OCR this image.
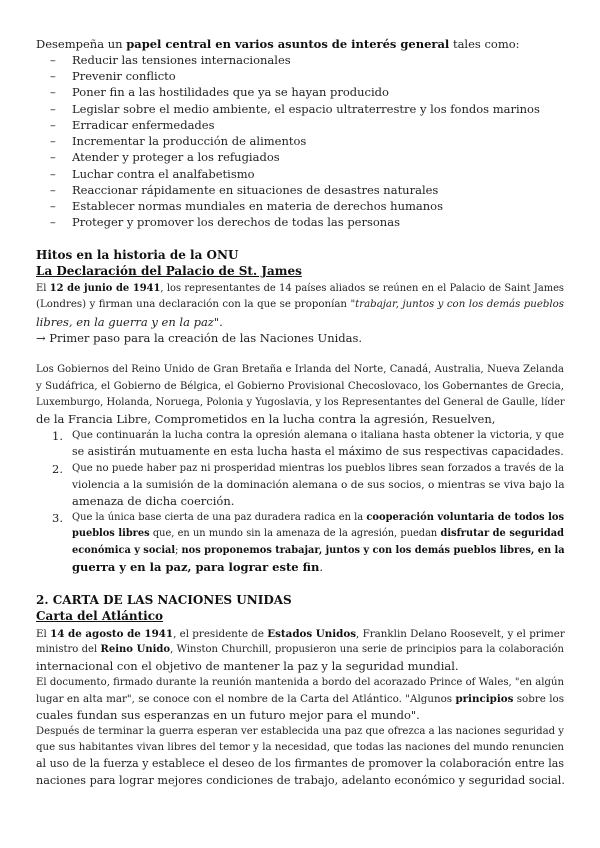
Desempeña un papel central en varios asuntos de interés general tales como:
– Reducir las tensiones internacionales
– Prevenir conflicto
– Poner fin a las hostilidades que ya se hayan producido
– Legislar sobre el medio ambiente, el espacio ultraterrestre y los fondos marinos
– Erradicar enfermedades
– Incrementar la producción de alimentos
– Atender y proteger a los refugiados
– Luchar contra el analfabetismo
– Reaccionar rápidamente en situaciones de desastres naturales
– Establecer normas mundiales en materia de derechos humanos
– Proteger y promover los derechos de todas las personas
Hitos en la historia de la ONU
La Declaración del Palacio de St. James
El 12 de junio de 1941, los representantes de 14 países aliados se reúnen en el Palacio de Saint James
(Londres) y firman una declaración con la que se proponían "trabajar, juntos y con los demás pueblos
libres, en la guerra y en la paz".
→ Primer paso para la creación de las Naciones Unidas.
Los Gobiernos del Reino Unido de Gran Bretaña e Irlanda del Norte, Canadá, Australia, Nueva Zelanda
y Sudáfrica, el Gobierno de Bélgica, el Gobierno Provisional Checoslovaco, los Gobernantes de Grecia,
Luxemburgo, Holanda, Noruega, Polonia y Yugoslavia, y los Representantes del General de Gaulle, líder
de la Francia Libre, Comprometidos en la lucha contra la agresión, Resuelven,
1. Que continuarán la lucha contra la opresión alemana o italiana hasta obtener la victoria, y que
se asistirán mutuamente en esta lucha hasta el máximo de sus respectivas capacidades.
2. Que no puede haber paz ni prosperidad mientras los pueblos libres sean forzados a través de la
violencia a la sumisión de la dominación alemana o de sus socios, o mientras se viva bajo la
amenaza de dicha coerción.
3. Que la única base cierta de una paz duradera radica en la cooperación voluntaria de todos los
pueblos libres que, en un mundo sin la amenaza de la agresión, puedan disfrutar de seguridad
económica y social; nos proponemos trabajar, juntos y con los demás pueblos libres, en la
guerra y en la paz, para lograr este fin.
2. CARTA DE LAS NACIONES UNIDAS
Carta del Atlántico
El 14 de agosto de 1941, el presidente de Estados Unidos, Franklin Delano Roosevelt, y el primer
ministro del Reino Unido, Winston Churchill, propusieron una serie de principios para la colaboración
internacional con el objetivo de mantener la paz y la seguridad mundial.
El documento, firmado durante la reunión mantenida a bordo del acorazado Prince of Wales, "en algún
lugar en alta mar", se conoce con el nombre de la Carta del Atlántico. "Algunos principios sobre los
cuales fundan sus esperanzas en un futuro mejor para el mundo".
Después de terminar la guerra esperan ver establecida una paz que ofrezca a las naciones seguridad y
que sus habitantes vivan libres del temor y la necesidad, que todas las naciones del mundo renuncien
al uso de la fuerza y establece el deseo de los firmantes de promover la colaboración entre las
naciones para lograr mejores condiciones de trabajo, adelanto económico y seguridad social.
